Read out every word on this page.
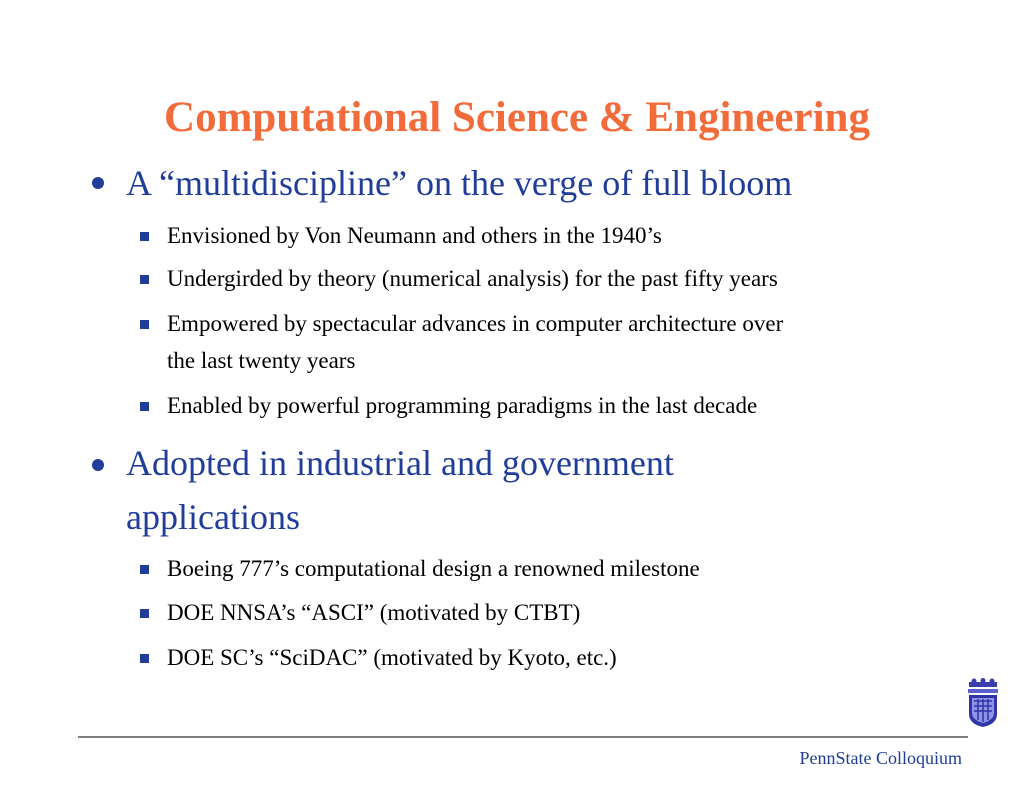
Computational Science & Engineering

A “multidiscipline” on the verge of full bloom

Envisioned by Von Neumann and others in the 1940’s

Undergirded by theory (numerical analysis) for the past fifty years

Empowered by spectacular advances in computer architecture over

the last twenty years

Enabled by powerful programming paradigms in the last decade

Adopted in industrial and government

applications

Boeing 777’s computational design a renowned milestone

DOE NNSA’s “ASCI” (motivated by CTBT)

DOE SC’s “SciDAC” (motivated by Kyoto, etc.)

PennState Colloquium
